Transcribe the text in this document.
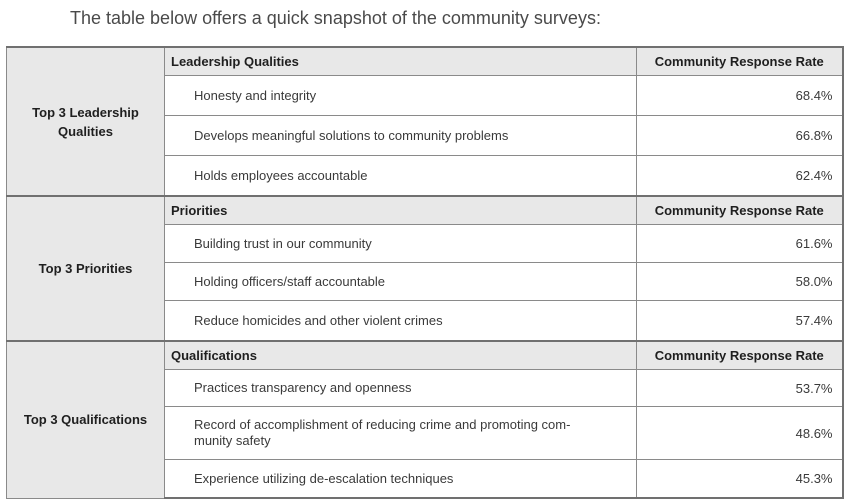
The table below offers a quick snapshot of the community surveys:
Top 3 Leadership Qualities	Leadership Qualities	Community Response Rate
	Honesty and integrity	68.4%
	Develops meaningful solutions to community problems	66.8%
	Holds employees accountable	62.4%
Top 3 Priorities	Priorities	Community Response Rate
	Building trust in our community	61.6%
	Holding officers/staff accountable	58.0%
	Reduce homicides and other violent crimes	57.4%
Top 3 Qualifications	Qualifications	Community Response Rate
	Practices transparency and openness	53.7%
	Record of accomplishment of reducing crime and promoting com-
munity safety	48.6%
	Experience utilizing de-escalation techniques	45.3%
